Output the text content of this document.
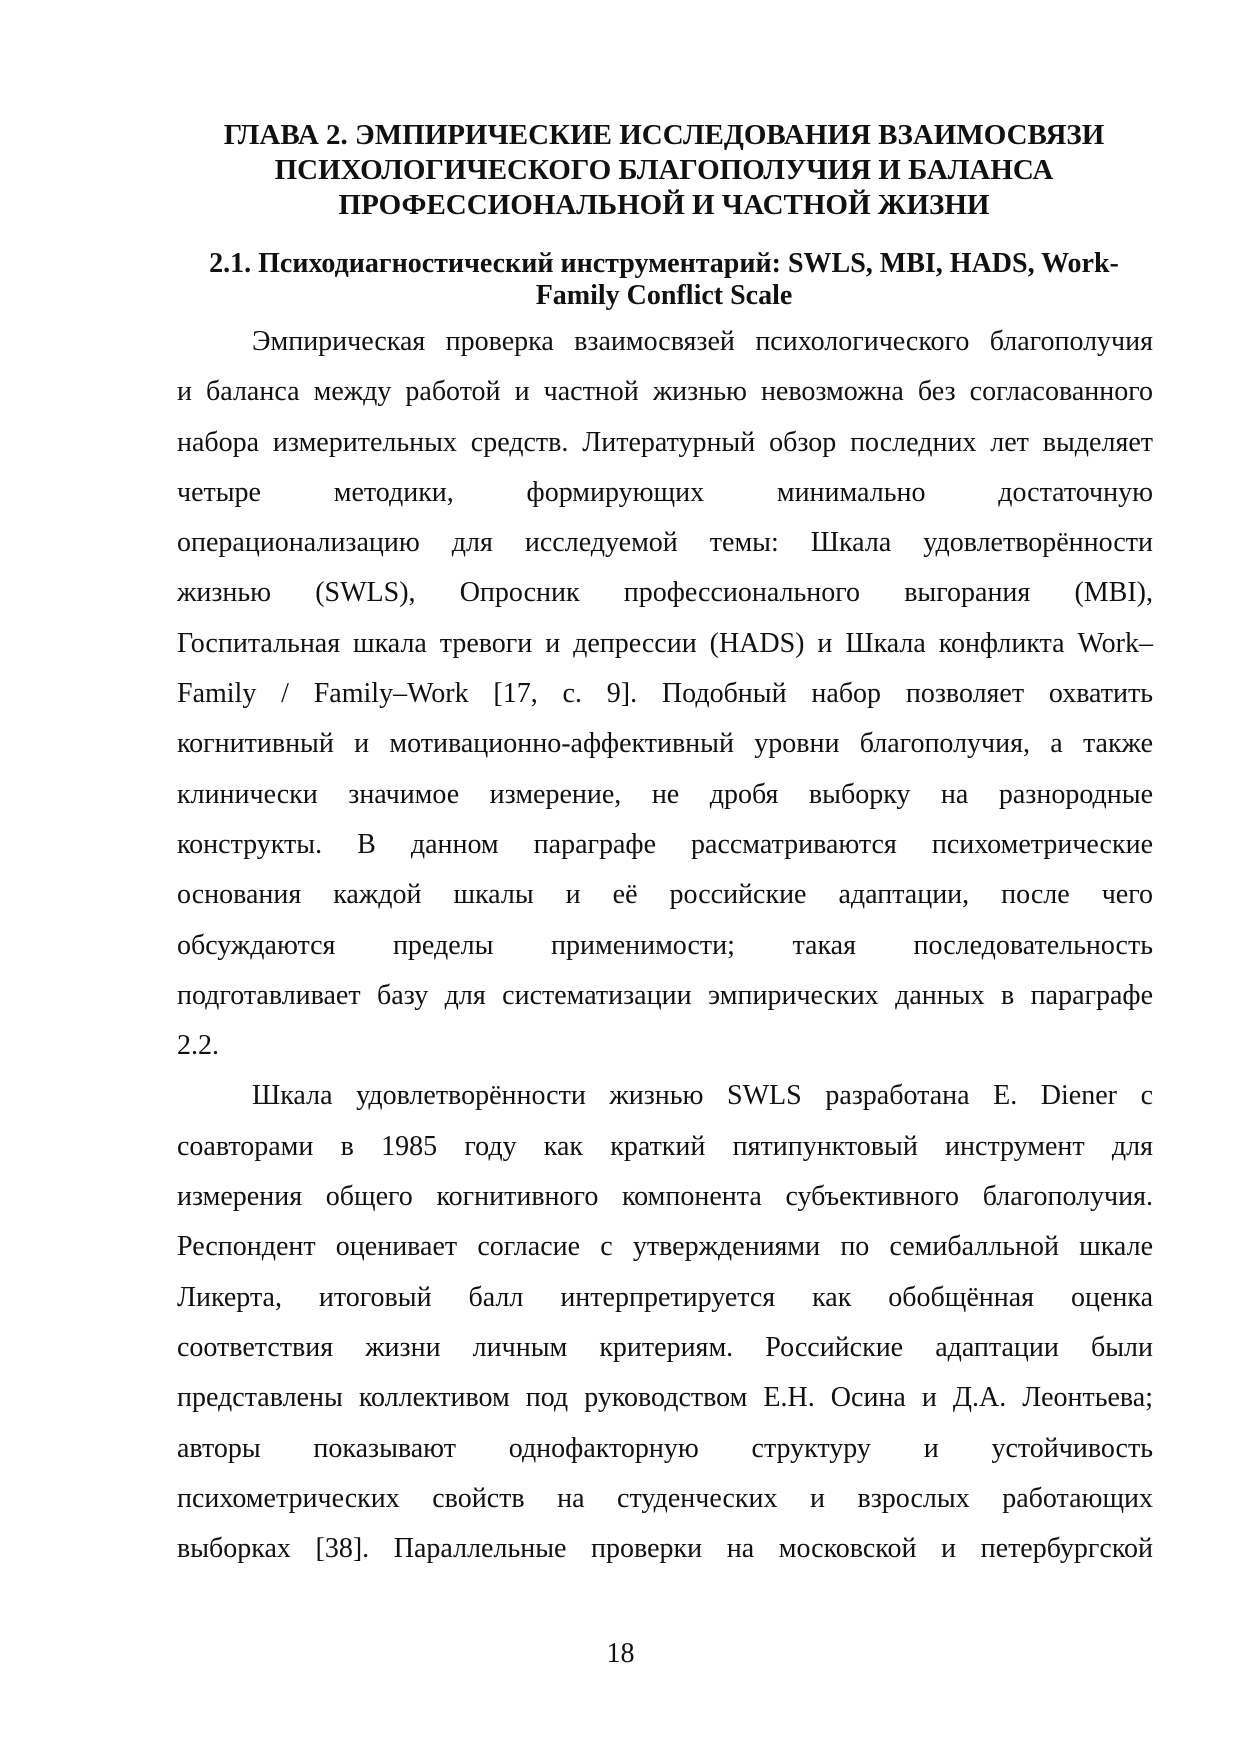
ГЛАВА 2. ЭМПИРИЧЕСКИЕ ИССЛЕДОВАНИЯ ВЗАИМОСВЯЗИ
ПСИХОЛОГИЧЕСКОГО БЛАГОПОЛУЧИЯ И БАЛАНСА
ПРОФЕССИОНАЛЬНОЙ И ЧАСТНОЙ ЖИЗНИ
2.1. Психодиагностический инструментарий: SWLS, MBI, HADS, Work-
Family Conflict Scale

Эмпирическая проверка взаимосвязей психологического благополучия
и баланса между работой и частной жизнью невозможна без согласованного
набора измерительных средств. Литературный обзор последних лет выделяет
четыре методики, формирующих минимально достаточную
операционализацию для исследуемой темы: Шкала удовлетворённости
жизнью (SWLS), Опросник профессионального выгорания (MBI),
Госпитальная шкала тревоги и депрессии (HADS) и Шкала конфликта Work–
Family / Family–Work [17, с. 9]. Подобный набор позволяет охватить
когнитивный и мотивационно-аффективный уровни благополучия, а также
клинически значимое измерение, не дробя выборку на разнородные
конструкты. В данном параграфе рассматриваются психометрические
основания каждой шкалы и её российские адаптации, после чего
обсуждаются пределы применимости; такая последовательность
подготавливает базу для систематизации эмпирических данных в параграфе
2.2.

Шкала удовлетворённости жизнью SWLS разработана E. Diener с
соавторами в 1985 году как краткий пятипунктовый инструмент для
измерения общего когнитивного компонента субъективного благополучия.
Респондент оценивает согласие с утверждениями по семибалльной шкале
Ликерта, итоговый балл интерпретируется как обобщённая оценка
соответствия жизни личным критериям. Российские адаптации были
представлены коллективом под руководством Е.Н. Осина и Д.А. Леонтьева;
авторы показывают однофакторную структуру и устойчивость
психометрических свойств на студенческих и взрослых работающих
выборках [38]. Параллельные проверки на московской и петербургской

18
